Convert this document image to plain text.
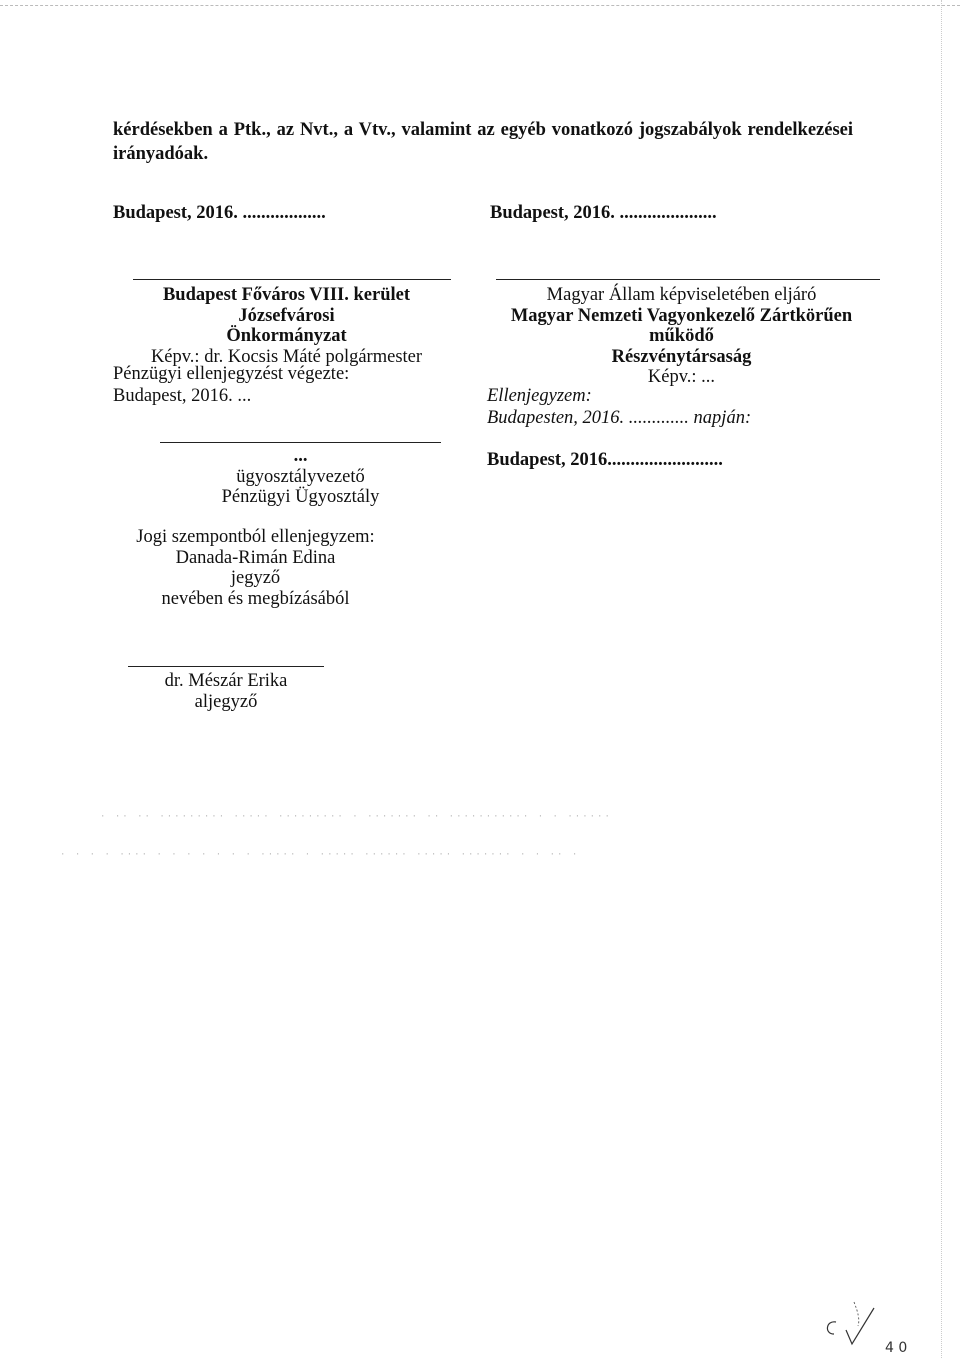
kérdésekben a Ptk., az Nvt., a Vtv., valamint az egyéb vonatkozó jogszabályok rendelkezései
irányadóak.
Budapest, 2016. ..................	Budapest, 2016. .....................
Budapest Főváros VIII. kerület Józsefvárosi
Önkormányzat
Képv.: dr. Kocsis Máté polgármester
Magyar Állam képviseletében eljáró
Magyar Nemzeti Vagyonkezelő Zártkörűen működő
Részvénytársaság
Képv.: ...
Pénzügyi ellenjegyzést végezte:
Budapest, 2016. ...
...
ügyosztályvezető
Pénzügyi Ügyosztály
Ellenjegyzem:
Budapesten, 2016. ............. napján:
Budapest, 2016.........................
Jogi szempontból ellenjegyzem:
Danada-Rimán Edina
jegyző
nevében és megbízásából
dr. Mészár Erika
aljegyző
· ·· ·· ········· ····· ········· · ······· ·· ··········· · · ······
· · · · ···· · · · · · · · ····· · ····· ······ ····· ······· · · ·· ·
4 0
